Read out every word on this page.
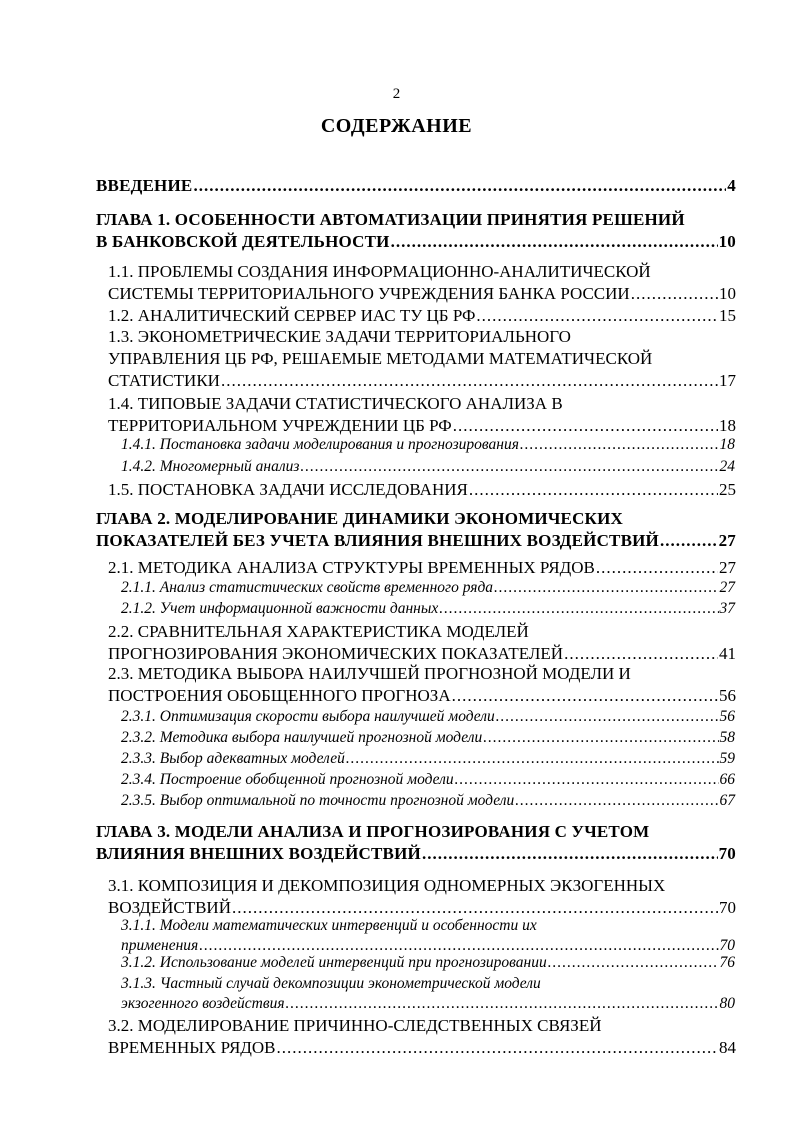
2
СОДЕРЖАНИЕ
ВВЕДЕНИЕ .....	4
ГЛАВА 1. ОСОБЕННОСТИ АВТОМАТИЗАЦИИ ПРИНЯТИЯ РЕШЕНИЙ
В БАНКОВСКОЙ ДЕЯТЕЛЬНОСТИ .....	10
1.1. ПРОБЛЕМЫ СОЗДАНИЯ ИНФОРМАЦИОННО-АНАЛИТИЧЕСКОЙ
СИСТЕМЫ ТЕРРИТОРИАЛЬНОГО УЧРЕЖДЕНИЯ БАНКА РОССИИ .....	10
1.2. АНАЛИТИЧЕСКИЙ СЕРВЕР ИАС ТУ ЦБ РФ .....	15
1.3. ЭКОНОМЕТРИЧЕСКИЕ ЗАДАЧИ ТЕРРИТОРИАЛЬНОГО
УПРАВЛЕНИЯ ЦБ РФ, РЕШАЕМЫЕ МЕТОДАМИ МАТЕМАТИЧЕСКОЙ
СТАТИСТИКИ .....	17
1.4. ТИПОВЫЕ ЗАДАЧИ СТАТИСТИЧЕСКОГО АНАЛИЗА В
ТЕРРИТОРИАЛЬНОМ УЧРЕЖДЕНИИ ЦБ РФ .....	18
1.4.1. Постановка задачи моделирования и прогнозирования .....	18
1.4.2. Многомерный анализ .....	24
1.5. ПОСТАНОВКА ЗАДАЧИ ИССЛЕДОВАНИЯ .....	25
ГЛАВА 2. МОДЕЛИРОВАНИЕ ДИНАМИКИ ЭКОНОМИЧЕСКИХ
ПОКАЗАТЕЛЕЙ БЕЗ УЧЕТА ВЛИЯНИЯ ВНЕШНИХ ВОЗДЕЙСТВИЙ .....	27
2.1. МЕТОДИКА АНАЛИЗА СТРУКТУРЫ ВРЕМЕННЫХ РЯДОВ .....	27
2.1.1. Анализ статистических свойств временного ряда .....	27
2.1.2. Учет информационной важности данных .....	37
2.2. СРАВНИТЕЛЬНАЯ ХАРАКТЕРИСТИКА МОДЕЛЕЙ
ПРОГНОЗИРОВАНИЯ ЭКОНОМИЧЕСКИХ ПОКАЗАТЕЛЕЙ .....	41
2.3. МЕТОДИКА ВЫБОРА НАИЛУЧШЕЙ ПРОГНОЗНОЙ МОДЕЛИ И
ПОСТРОЕНИЯ ОБОБЩЕННОГО ПРОГНОЗА .....	56
2.3.1. Оптимизация скорости выбора наилучшей модели .....	56
2.3.2. Методика выбора наилучшей прогнозной модели .....	58
2.3.3. Выбор адекватных моделей .....	59
2.3.4. Построение обобщенной прогнозной модели .....	66
2.3.5. Выбор оптимальной по точности прогнозной модели .....	67
ГЛАВА 3. МОДЕЛИ АНАЛИЗА И ПРОГНОЗИРОВАНИЯ С УЧЕТОМ
ВЛИЯНИЯ ВНЕШНИХ ВОЗДЕЙСТВИЙ .....	70
3.1. КОМПОЗИЦИЯ И ДЕКОМПОЗИЦИЯ ОДНОМЕРНЫХ ЭКЗОГЕННЫХ
ВОЗДЕЙСТВИЙ .....	70
3.1.1. Модели математических интервенций и особенности их
применения .....	70
3.1.2. Использование моделей интервенций при прогнозировании .....	76
3.1.3. Частный случай декомпозиции эконометрической модели
экзогенного воздействия .....	80
3.2. МОДЕЛИРОВАНИЕ ПРИЧИННО-СЛЕДСТВЕННЫХ СВЯЗЕЙ
ВРЕМЕННЫХ РЯДОВ .....	84
